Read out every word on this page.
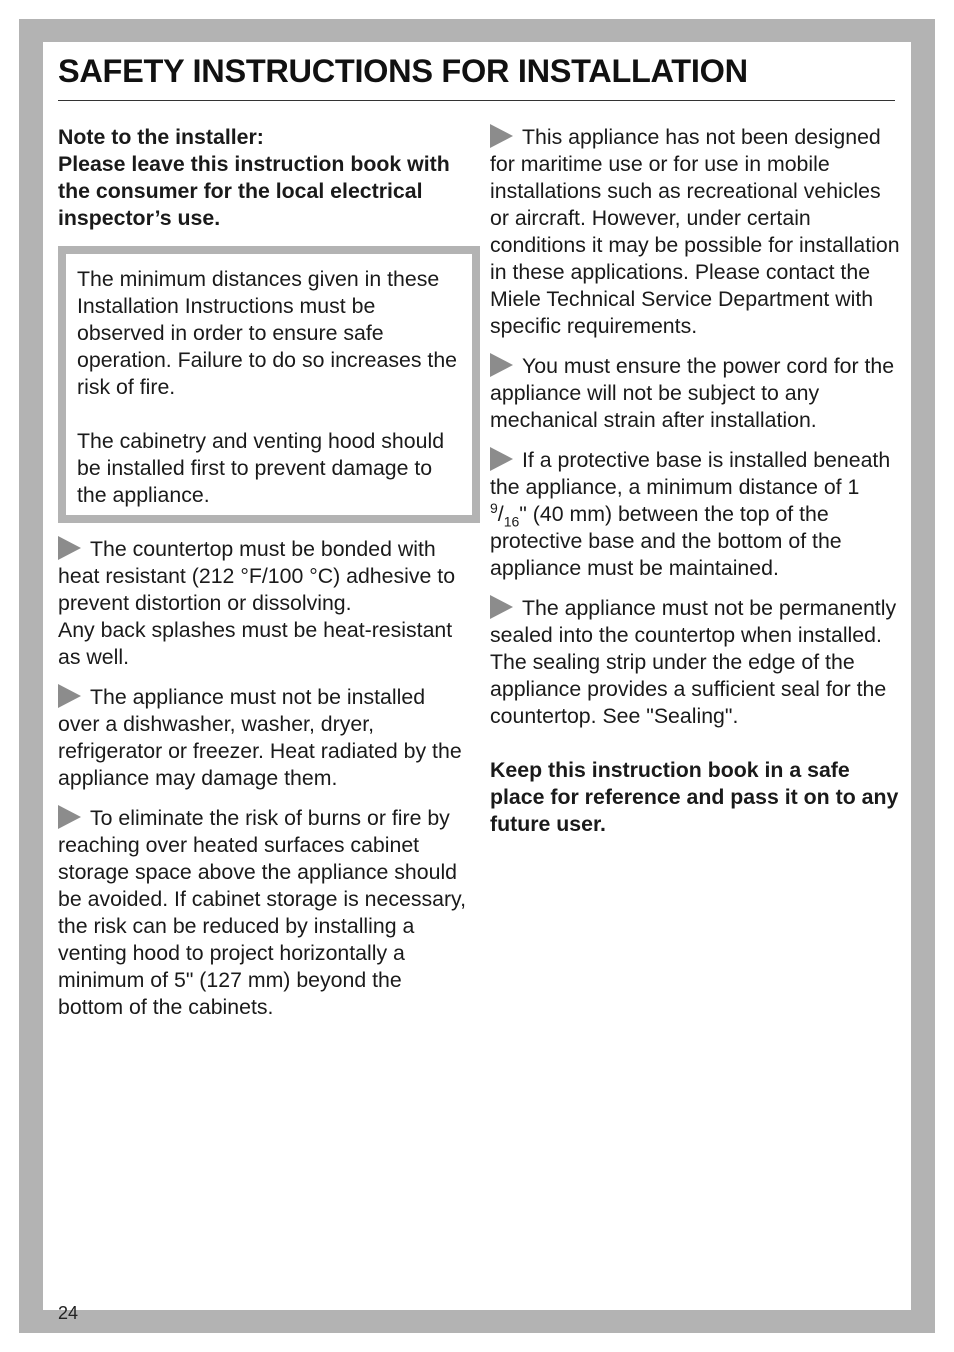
SAFETY INSTRUCTIONS FOR INSTALLATION

Note to the installer:

Please leave this instruction book with the consumer for the local electrical inspector’s use.

The minimum distances given in these Installation Instructions must be observed in order to ensure safe operation. Failure to do so increases the risk of fire.

The cabinetry and venting hood should be installed first to prevent damage to the appliance.

The countertop must be bonded with heat resistant (212 °F/100 °C) adhesive to prevent distortion or dissolving.

Any back splashes must be heat-resistant as well.

The appliance must not be installed over a dishwasher, washer, dryer, refrigerator or freezer. Heat radiated by the appliance may damage them.

To eliminate the risk of burns or fire by reaching over heated surfaces cabinet storage space above the appliance should be avoided. If cabinet storage is necessary, the risk can be reduced by installing a venting hood to project horizontally a minimum of 5" (127 mm) beyond the bottom of the cabinets.

This appliance has not been designed for maritime use or for use in mobile installations such as recreational vehicles or aircraft. However, under certain conditions it may be possible for installation in these applications. Please contact the Miele Technical Service Department with specific requirements.

You must ensure the power cord for the appliance will not be subject to any mechanical strain after installation.

If a protective base is installed beneath the appliance, a minimum distance of 1 $^9/_{16}$" (40 mm) between the top of the protective base and the bottom of the appliance must be maintained.

The appliance must not be permanently sealed into the countertop when installed. The sealing strip under the edge of the appliance provides a sufficient seal for the countertop. See "Sealing".

Keep this instruction book in a safe place for reference and pass it on to any future user.

24
